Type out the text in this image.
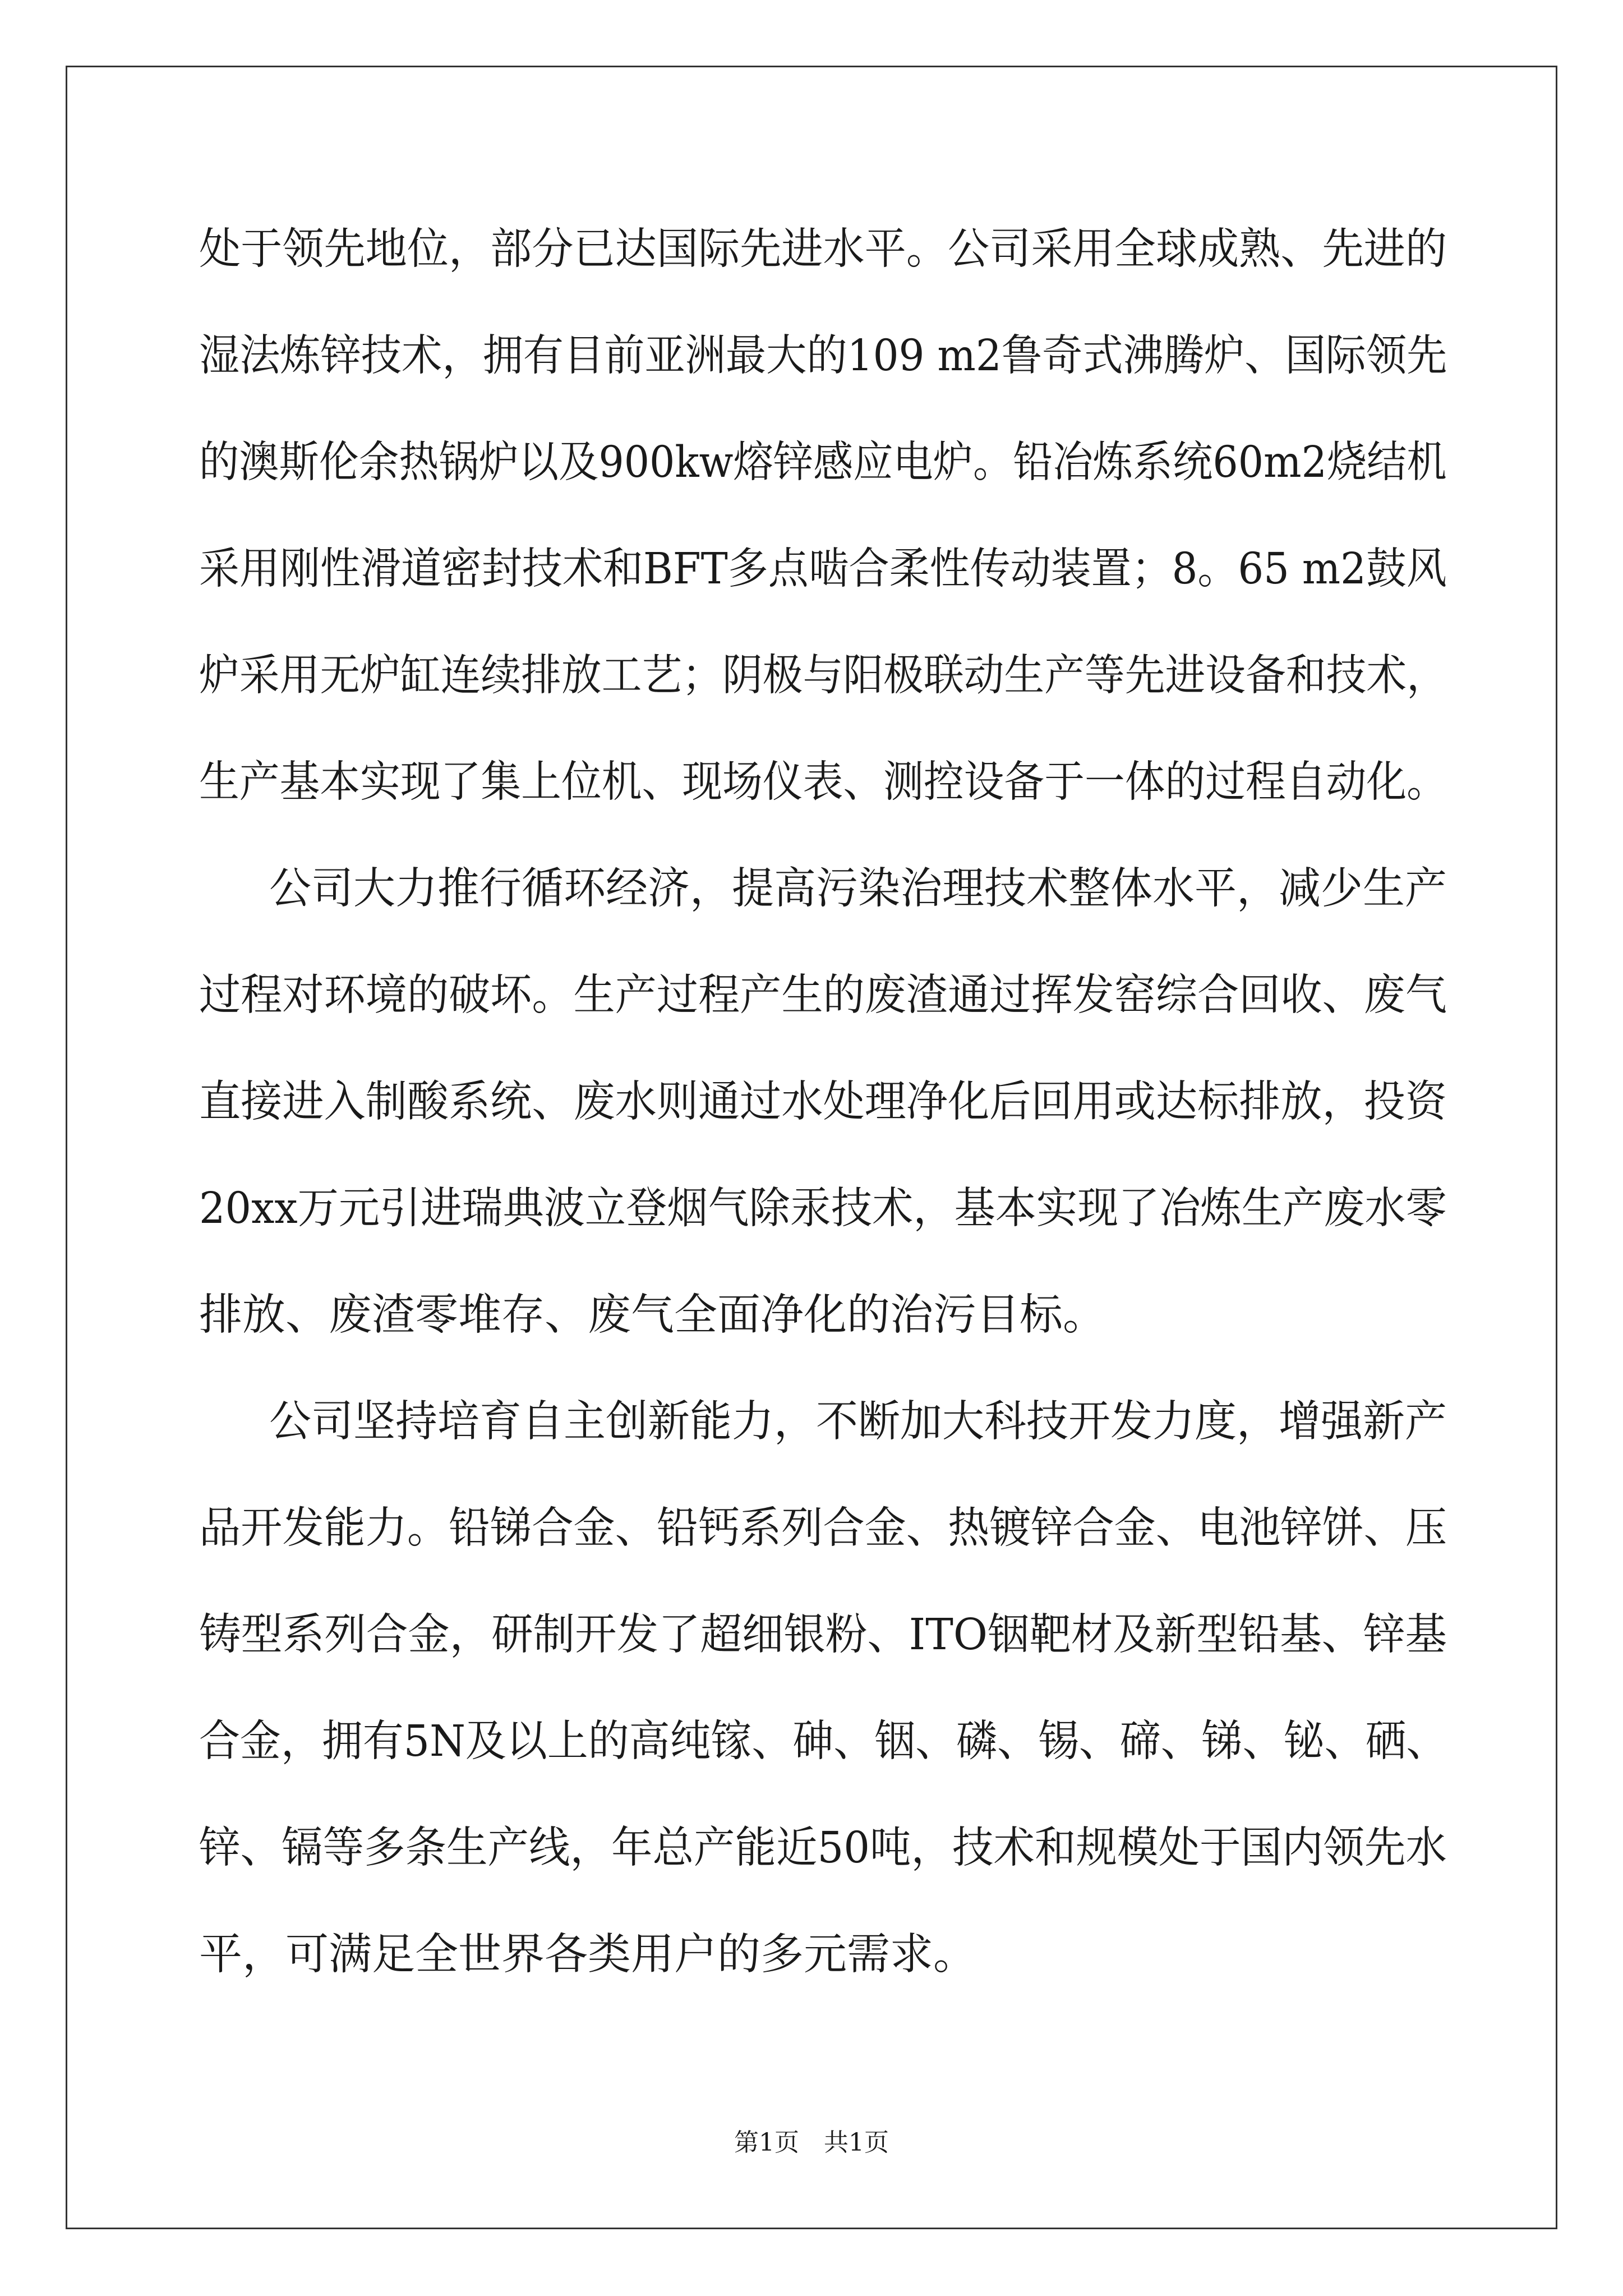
处于领先地位，部分已达国际先进水平。公司采用全球成熟、先进的
湿法炼锌技术，拥有目前亚洲最大的109 m2鲁奇式沸腾炉、国际领先
的澳斯伦余热锅炉以及900kw熔锌感应电炉。铅冶炼系统60m2烧结机
采用刚性滑道密封技术和BFT多点啮合柔性传动装置；8。65 m2鼓风
炉采用无炉缸连续排放工艺；阴极与阳极联动生产等先进设备和技术，
生产基本实现了集上位机、现场仪表、测控设备于一体的过程自动化。
公司大力推行循环经济，提高污染治理技术整体水平，减少生产
过程对环境的破坏。生产过程产生的废渣通过挥发窑综合回收、废气
直接进入制酸系统、废水则通过水处理净化后回用或达标排放，投资
20xx万元引进瑞典波立登烟气除汞技术，基本实现了冶炼生产废水零
排放、废渣零堆存、废气全面净化的治污目标。
公司坚持培育自主创新能力，不断加大科技开发力度，增强新产
品开发能力。铅锑合金、铅钙系列合金、热镀锌合金、电池锌饼、压
铸型系列合金，研制开发了超细银粉、ITO铟靶材及新型铅基、锌基
合金，拥有5N及以上的高纯镓、砷、铟、磷、锡、碲、锑、铋、硒、
锌、镉等多条生产线，年总产能近50吨，技术和规模处于国内领先水
平，可满足全世界各类用户的多元需求。
第1页　共1页
